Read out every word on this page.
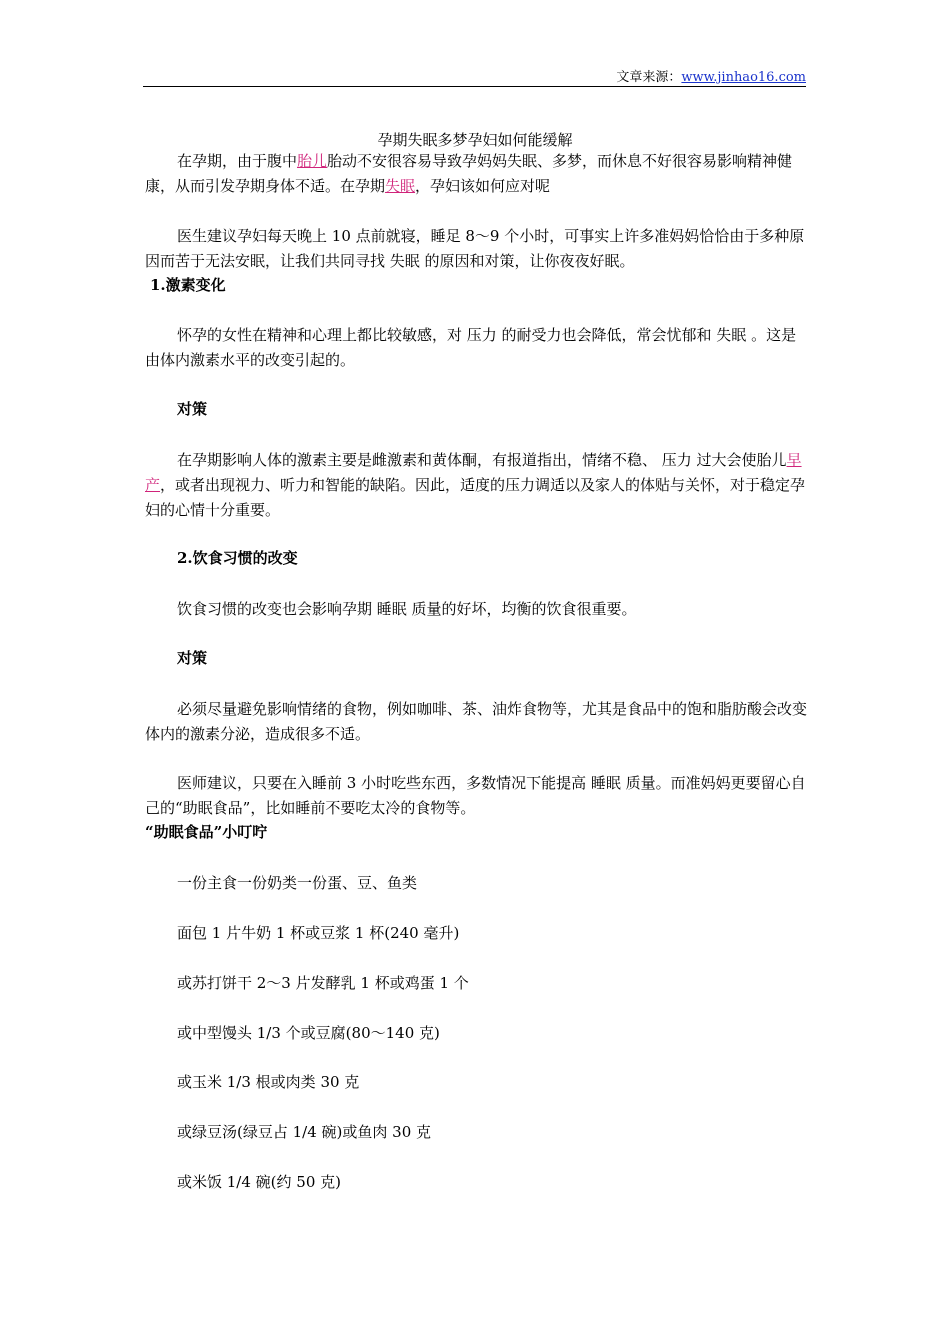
文章来源：www.jinhao16.com
孕期失眠多梦孕妇如何能缓解
在孕期，由于腹中胎儿胎动不安很容易导致孕妈妈失眠、多梦，而休息不好很容易影响精神健康，从而引发孕期身体不适。在孕期失眠，孕妇该如何应对呢
医生建议孕妇每天晚上 10 点前就寝，睡足 8～9 个小时，可事实上许多准妈妈恰恰由于多种原因而苦于无法安眠，让我们共同寻找 失眠 的原因和对策，让你夜夜好眠。
1.激素变化
怀孕的女性在精神和心理上都比较敏感，对 压力 的耐受力也会降低，常会忧郁和 失眠 。这是由体内激素水平的改变引起的。
对策
在孕期影响人体的激素主要是雌激素和黄体酮，有报道指出，情绪不稳、 压力 过大会使胎儿早产，或者出现视力、听力和智能的缺陷。因此，适度的压力调适以及家人的体贴与关怀，对于稳定孕妇的心情十分重要。
2.饮食习惯的改变
饮食习惯的改变也会影响孕期 睡眠 质量的好坏，均衡的饮食很重要。
对策
必须尽量避免影响情绪的食物，例如咖啡、茶、油炸食物等，尤其是食品中的饱和脂肪酸会改变体内的激素分泌，造成很多不适。
医师建议，只要在入睡前 3 小时吃些东西，多数情况下能提高 睡眠 质量。而准妈妈更要留心自己的“助眠食品”，比如睡前不要吃太冷的食物等。
“助眠食品”小叮咛
一份主食一份奶类一份蛋、豆、鱼类
面包 1 片牛奶 1 杯或豆浆 1 杯(240 毫升)
或苏打饼干 2～3 片发酵乳 1 杯或鸡蛋 1 个
或中型馒头 1/3 个或豆腐(80～140 克)
或玉米 1/3 根或肉类 30 克
或绿豆汤(绿豆占 1/4 碗)或鱼肉 30 克
或米饭 1/4 碗(约 50 克)
